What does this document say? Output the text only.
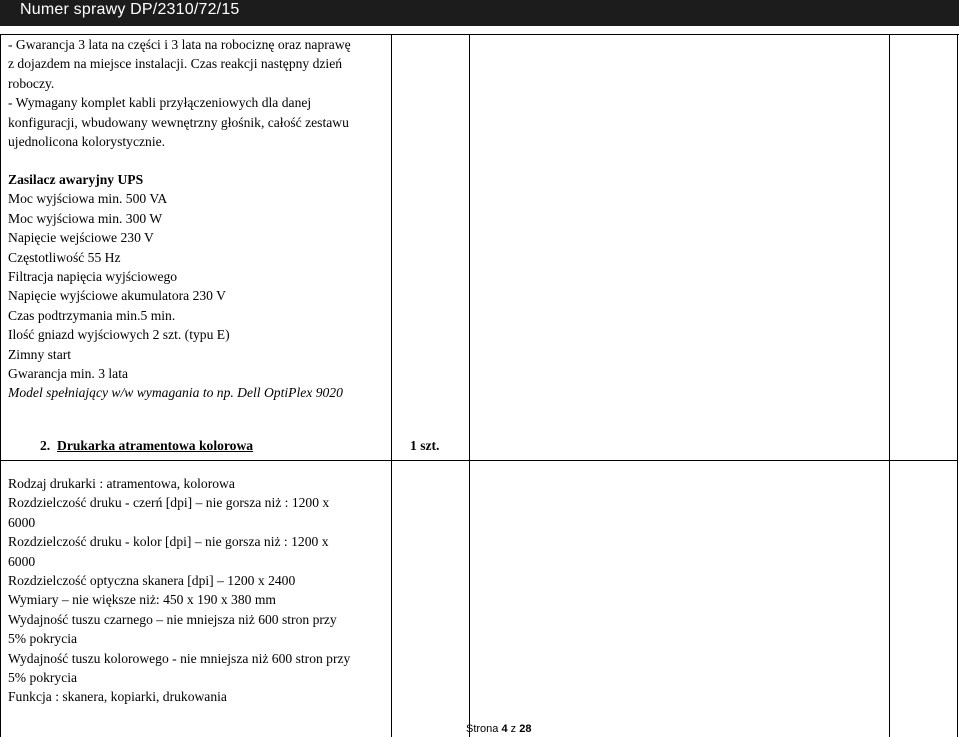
Numer sprawy DP/2310/72/15
- Gwarancja 3 lata na części i 3 lata na robociznę oraz naprawę
z dojazdem na miejsce instalacji. Czas reakcji następny dzień
roboczy.
- Wymagany komplet kabli przyłączeniowych dla danej
konfiguracji, wbudowany wewnętrzny głośnik, całość zestawu
ujednolicona kolorystycznie.
Zasilacz awaryjny UPS
Moc wyjściowa min. 500 VA
Moc wyjściowa min. 300 W
Napięcie wejściowe 230 V
Częstotliwość 55 Hz
Filtracja napięcia wyjściowego
Napięcie wyjściowe akumulatora 230 V
Czas podtrzymania min.5 min.
Ilość gniazd wyjściowych 2 szt. (typu E)
Zimny start
Gwarancja min. 3 lata
Model spełniający w/w wymagania to np. Dell OptiPlex 9020
2. Drukarka atramentowa kolorowa	1 szt.
Rodzaj drukarki : atramentowa, kolorowa
Rozdzielczość druku - czerń [dpi] – nie gorsza niż : 1200 x
6000
Rozdzielczość druku - kolor [dpi] – nie gorsza niż : 1200 x
6000
Rozdzielczość optyczna skanera [dpi] – 1200 x 2400
Wymiary – nie większe niż: 450 x 190 x 380 mm
Wydajność tuszu czarnego – nie mniejsza niż 600 stron przy
5% pokrycia
Wydajność tuszu kolorowego - nie mniejsza niż 600 stron przy
5% pokrycia
Funkcja : skanera, kopiarki, drukowania
Strona 4 z 28
